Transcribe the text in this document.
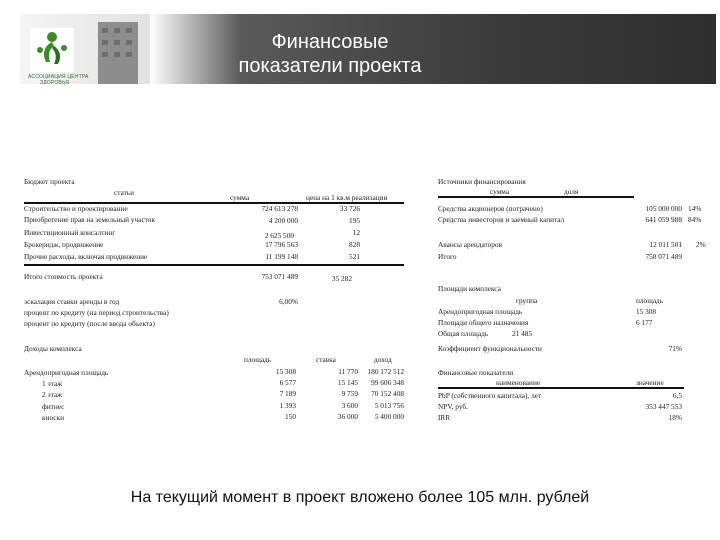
АССОЦИАЦИЯ ЦЕНТРА
ЗДОРОВЬЯ
Финансовые
показатели проекта
Бюджет проекта
статьи
сумма	цена на 1 кв.м реализации
Строительство и проектирование	724 613 278	33 726
Приобретение прав на земельный участок	4 200 000	195
Инвестиционный консалтинг	2 625 500	12
Брокеридж, продвижение	17 796 563	828
Прочие расходы, включая продвижение	11 199 148	521
Итого стоимость проекта	753 071 489	35 282
эскалация ставки аренды в год	6,00%
процент по кредиту (на период строительства)
процент по кредиту (после ввода объекта)
Доходы комплекса
площадь	ставка	доход
Арендопригодная площадь	15 308	11 770	180 172 512
1 этаж	6 577	15 145	99 606 348
2 этаж	7 189	9 759	70 152 408
фитнес	1 393	3 600	5 013 756
киоски	150	36 000	5 400 000
Источники финансирования
сумма	доля
Средства акционеров (потрачено)	105 000 000 14%
Средства инвесторов и заемный капитал	641 059 988 84%
Авансы арендаторов	12 011 501 2%
Итого	758 071 489
Площади комплекса
группа	площадь
Арендопригодная площадь	15 308
Площади общего назначения	6 177
Общая площадь	21 485
Коэффициент функциональности	71%
Финансовые показатели
наименование	значение
PbP (собственного капитала), лет	6,5
NPV, руб.	353 447 553
IRR	18%
На текущий момент в проект вложено более 105 млн. рублей
